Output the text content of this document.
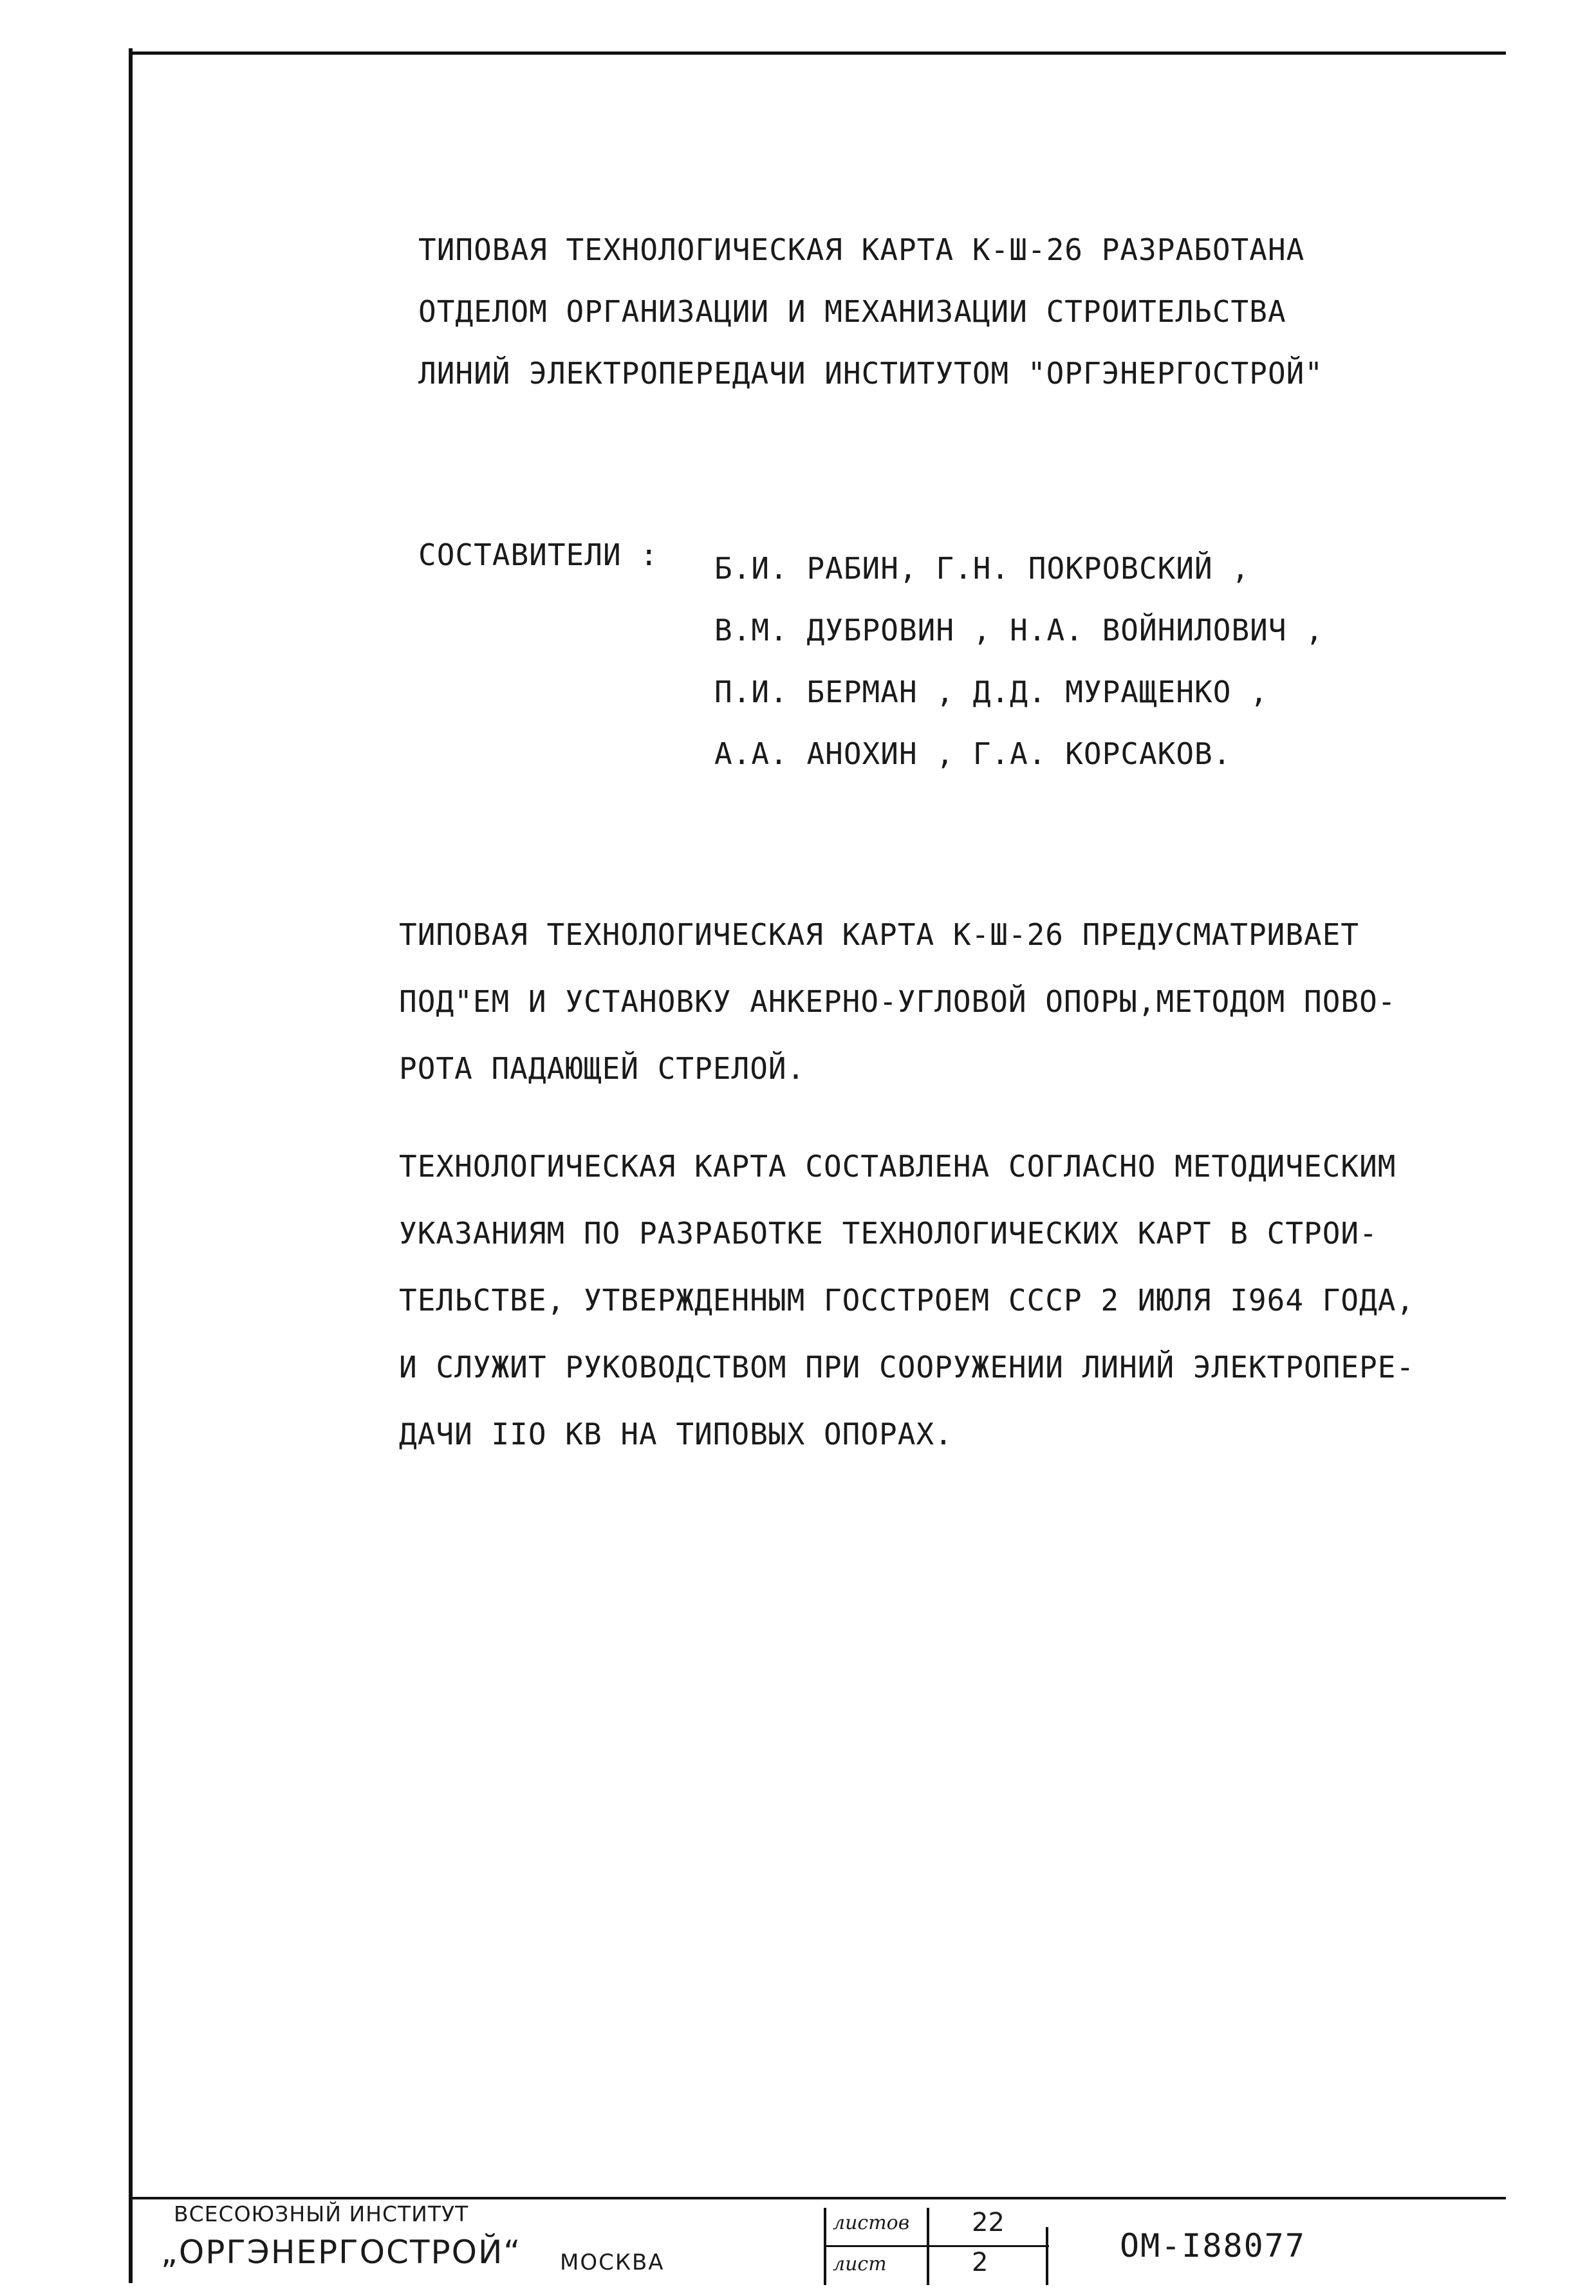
ТИПОВАЯ ТЕХНОЛОГИЧЕСКАЯ КАРТА К-Ш-26 РАЗРАБОТАНА
ОТДЕЛОМ ОРГАНИЗАЦИИ И МЕХАНИЗАЦИИ СТРОИТЕЛЬСТВА
ЛИНИЙ ЭЛЕКТРОПЕРЕДАЧИ ИНСТИТУТОМ "ОРГЭНЕРГОСТРОЙ"
СОСТАВИТЕЛИ : Б.И. РАБИН, Г.Н. ПОКРОВСКИЙ ,
В.М. ДУБРОВИН , Н.А. ВОЙНИЛОВИЧ ,
П.И. БЕРМАН , Д.Д. МУРАЩЕНКО ,
А.А. АНОХИН , Г.А. КОРСАКОВ.
ТИПОВАЯ ТЕХНОЛОГИЧЕСКАЯ КАРТА К-Ш-26 ПРЕДУСМАТРИВАЕТ
ПОД"ЕМ И УСТАНОВКУ АНКЕРНО-УГЛОВОЙ ОПОРЫ,МЕТОДОМ ПОВО-
РОТА ПАДАЮЩЕЙ СТРЕЛОЙ.
ТЕХНОЛОГИЧЕСКАЯ КАРТА СОСТАВЛЕНА СОГЛАСНО МЕТОДИЧЕСКИМ
УКАЗАНИЯМ ПО РАЗРАБОТКЕ ТЕХНОЛОГИЧЕСКИХ КАРТ В СТРОИ-
ТЕЛЬСТВЕ, УТВЕРЖДЕННЫМ ГОССТРОЕМ СССР 2 ИЮЛЯ I964 ГОДА,
И СЛУЖИТ РУКОВОДСТВОМ ПРИ СООРУЖЕНИИ ЛИНИЙ ЭЛЕКТРОПЕРЕ-
ДАЧИ IIO КВ НА ТИПОВЫХ ОПОРАХ.
ВСЕСОЮЗНЫЙ ИНСТИТУТ
„ОРГЭНЕРГОСТРОЙ“ МОСКВА
листов 22
лист	2	ОМ-I88077
